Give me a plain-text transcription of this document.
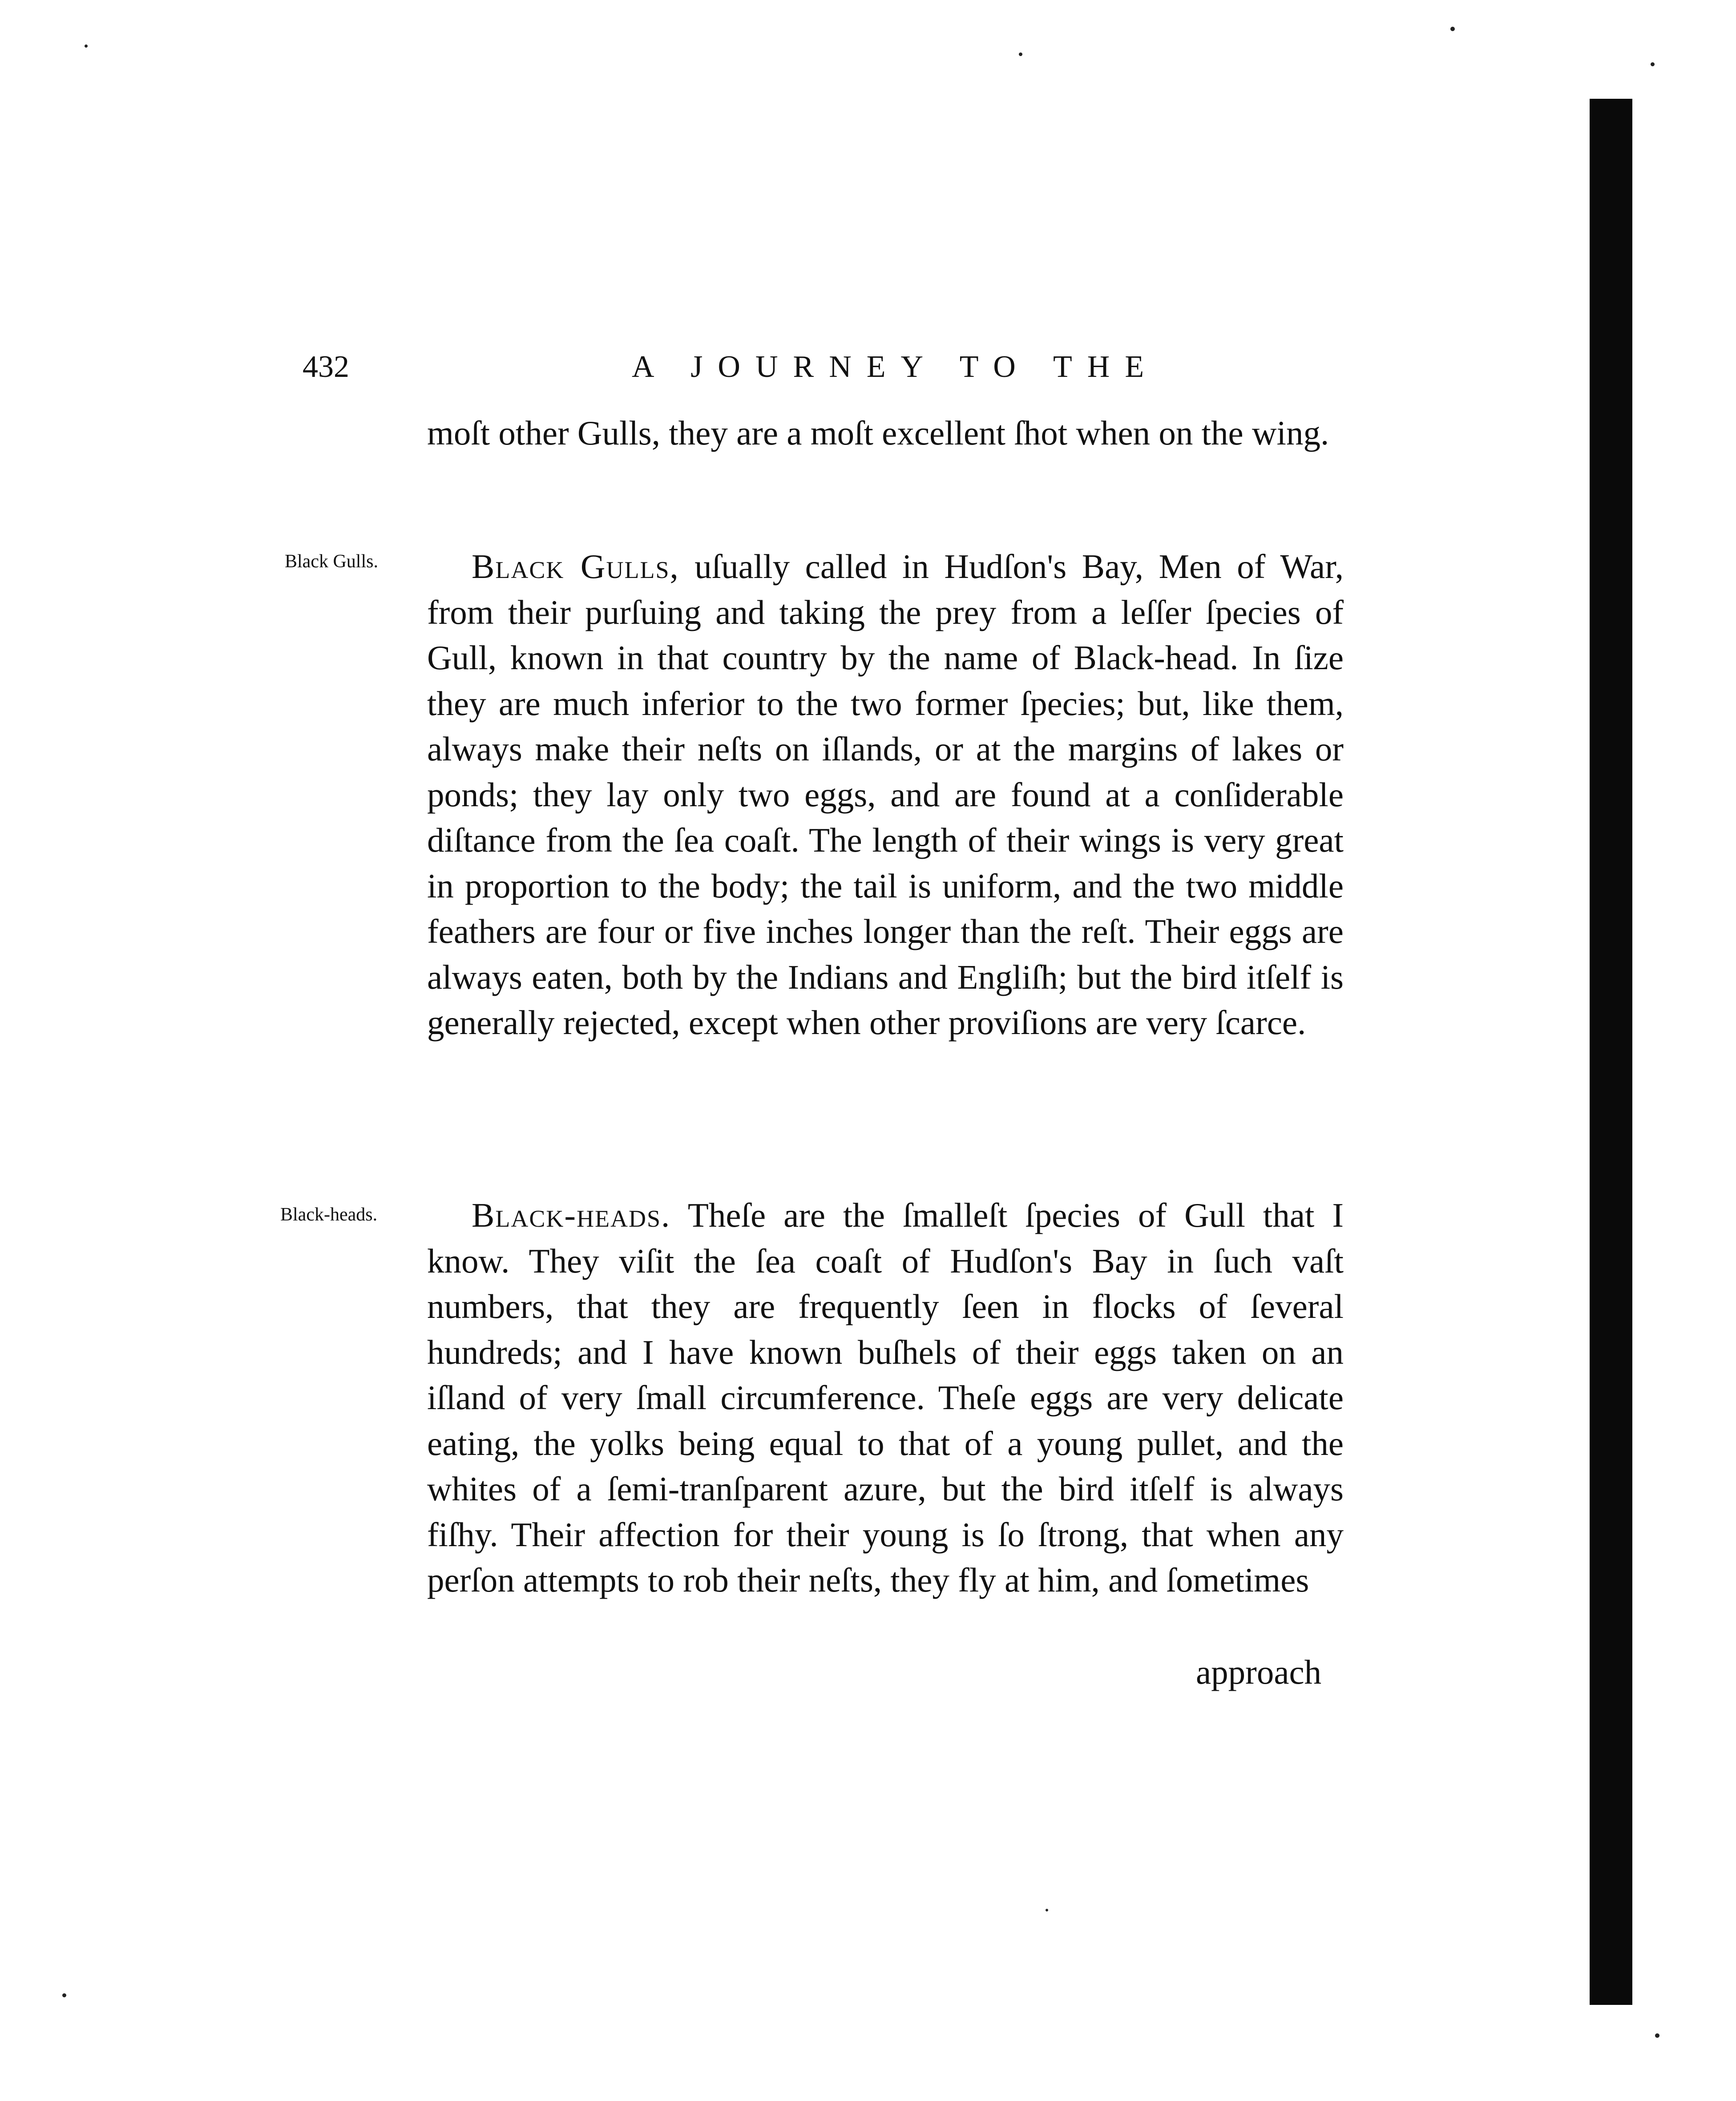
432	A JOURNEY TO THE

moſt other Gulls, they are a moſt excellent ſhot when on the wing.

Black Gulls.	Black Gulls, uſually called in Hudſon's Bay, Men of War, from their purſuing and taking the prey from a leſſer ſpecies of Gull, known in that country by the name of Black-head. In ſize they are much inferior to the two former ſpecies; but, like them, always make their neſts on iſlands, or at the margins of lakes or ponds; they lay only two eggs, and are found at a conſiderable diſtance from the ſea coaſt. The length of their wings is very great in proportion to the body; the tail is uniform, and the two middle feathers are four or five inches longer than the reſt. Their eggs are always eaten, both by the Indians and Engliſh; but the bird itſelf is generally rejected, except when other proviſions are very ſcarce.

Black-heads.	Black-heads. Theſe are the ſmalleſt ſpecies of Gull that I know. They viſit the ſea coaſt of Hudſon's Bay in ſuch vaſt numbers, that they are frequently ſeen in flocks of ſeveral hundreds; and I have known buſhels of their eggs taken on an iſland of very ſmall circumference. Theſe eggs are very delicate eating, the yolks being equal to that of a young pullet, and the whites of a ſemi-tranſparent azure, but the bird itſelf is always fiſhy. Their affection for their young is ſo ſtrong, that when any perſon attempts to rob their neſts, they fly at him, and ſometimes

approach
